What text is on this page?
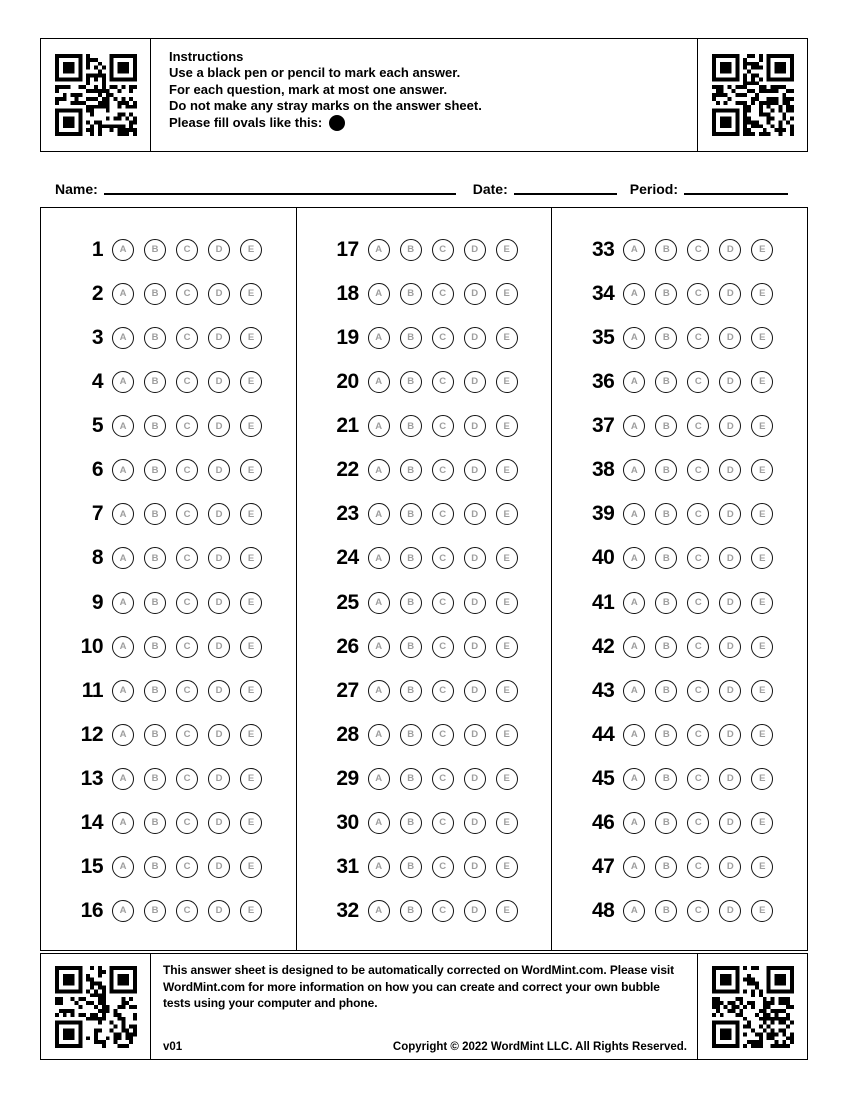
Instructions
Use a black pen or pencil to mark each answer.
For each question, mark at most one answer.
Do not make any stray marks on the answer sheet.
Please fill ovals like this:
Name:	Date:	Period:
1	A	B	C	D	E
2	A	B	C	D	E
3	A	B	C	D	E
4	A	B	C	D	E
5	A	B	C	D	E
6	A	B	C	D	E
7	A	B	C	D	E
8	A	B	C	D	E
9	A	B	C	D	E
10	A	B	C	D	E
11	A	B	C	D	E
12	A	B	C	D	E
13	A	B	C	D	E
14	A	B	C	D	E
15	A	B	C	D	E
16	A	B	C	D	E
17	A	B	C	D	E
18	A	B	C	D	E
19	A	B	C	D	E
20	A	B	C	D	E
21	A	B	C	D	E
22	A	B	C	D	E
23	A	B	C	D	E
24	A	B	C	D	E
25	A	B	C	D	E
26	A	B	C	D	E
27	A	B	C	D	E
28	A	B	C	D	E
29	A	B	C	D	E
30	A	B	C	D	E
31	A	B	C	D	E
32	A	B	C	D	E
33	A	B	C	D	E
34	A	B	C	D	E
35	A	B	C	D	E
36	A	B	C	D	E
37	A	B	C	D	E
38	A	B	C	D	E
39	A	B	C	D	E
40	A	B	C	D	E
41	A	B	C	D	E
42	A	B	C	D	E
43	A	B	C	D	E
44	A	B	C	D	E
45	A	B	C	D	E
46	A	B	C	D	E
47	A	B	C	D	E
48	A	B	C	D	E
This answer sheet is designed to be automatically corrected on WordMint.com. Please visit
WordMint.com for more information on how you can create and correct your own bubble
tests using your computer and phone.
v01	Copyright © 2022 WordMint LLC. All Rights Reserved.
